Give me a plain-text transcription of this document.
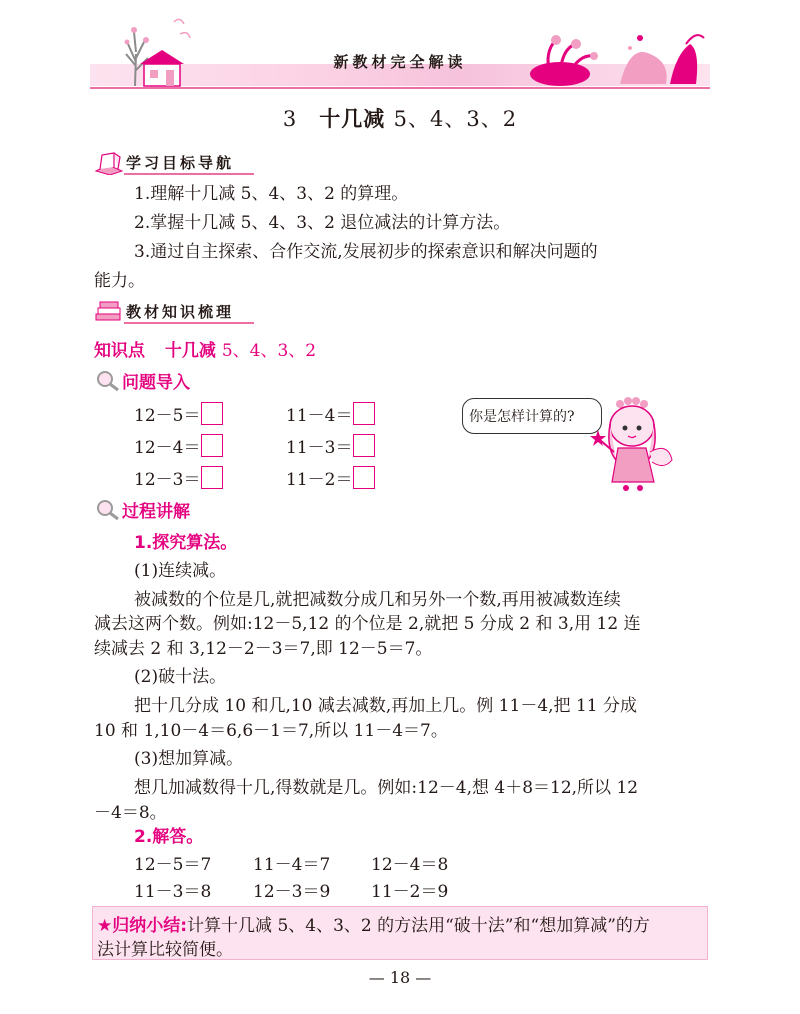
新教材完全解读
3 十几减 5、4、3、2
学习目标导航
1.理解十几减 5、4、3、2 的算理。
2.掌握十几减 5、4、3、2 退位减法的计算方法。
3.通过自主探索、合作交流,发展初步的探索意识和解决问题的
能力。
教材知识梳理
知识点 十几减 5、4、3、2
问题导入
12－5＝
12－4＝
12－3＝
11－4＝
11－3＝
11－2＝
你是怎样计算的?
过程讲解
1.探究算法。
(1)连续减。
被减数的个位是几,就把减数分成几和另外一个数,再用被减数连续
减去这两个数。例如:12－5,12 的个位是 2,就把 5 分成 2 和 3,用 12 连
续减去 2 和 3,12－2－3＝7,即 12－5＝7。
(2)破十法。
把十几分成 10 和几,10 减去减数,再加上几。例 11－4,把 11 分成
10 和 1,10－4＝6,6－1＝7,所以 11－4＝7。
(3)想加算减。
想几加减数得十几,得数就是几。例如:12－4,想 4＋8＝12,所以 12
－4＝8。
2.解答。
12－5＝7 11－4＝7 12－4＝8
11－3＝8 12－3＝9 11－2＝9
★归纳小结:计算十几减 5、4、3、2 的方法用“破十法”和“想加算减”的方
法计算比较简便。
— 18 —
